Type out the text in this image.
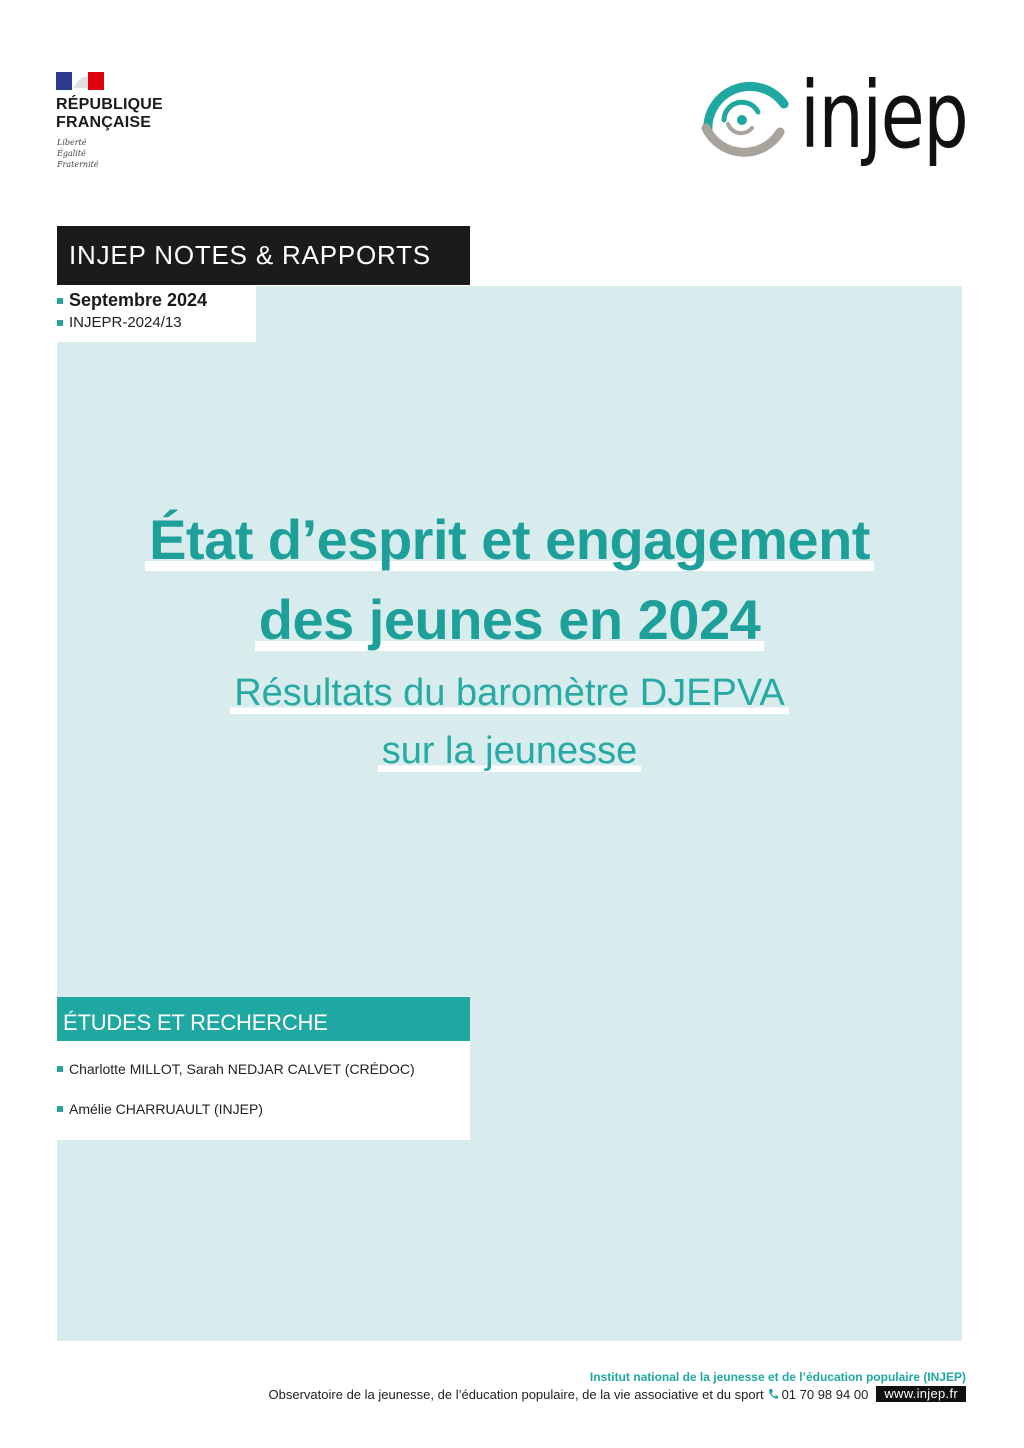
RÉPUBLIQUE
FRANÇAISE
Liberté
Égalité
Fraternité	injep
INJEP NOTES & RAPPORTS
Septembre 2024
INJEPR-2024/13
État d’esprit et engagement
des jeunes en 2024
Résultats du baromètre DJEPVA
sur la jeunesse
ÉTUDES ET RECHERCHE
Charlotte MILLOT, Sarah NEDJAR CALVET (CRÉDOC)
Amélie CHARRUAULT (INJEP)
Institut national de la jeunesse et de l’éducation populaire (INJEP)
Observatoire de la jeunesse, de l’éducation populaire, de la vie associative et du sport 01 70 98 94 00	www.injep.fr
